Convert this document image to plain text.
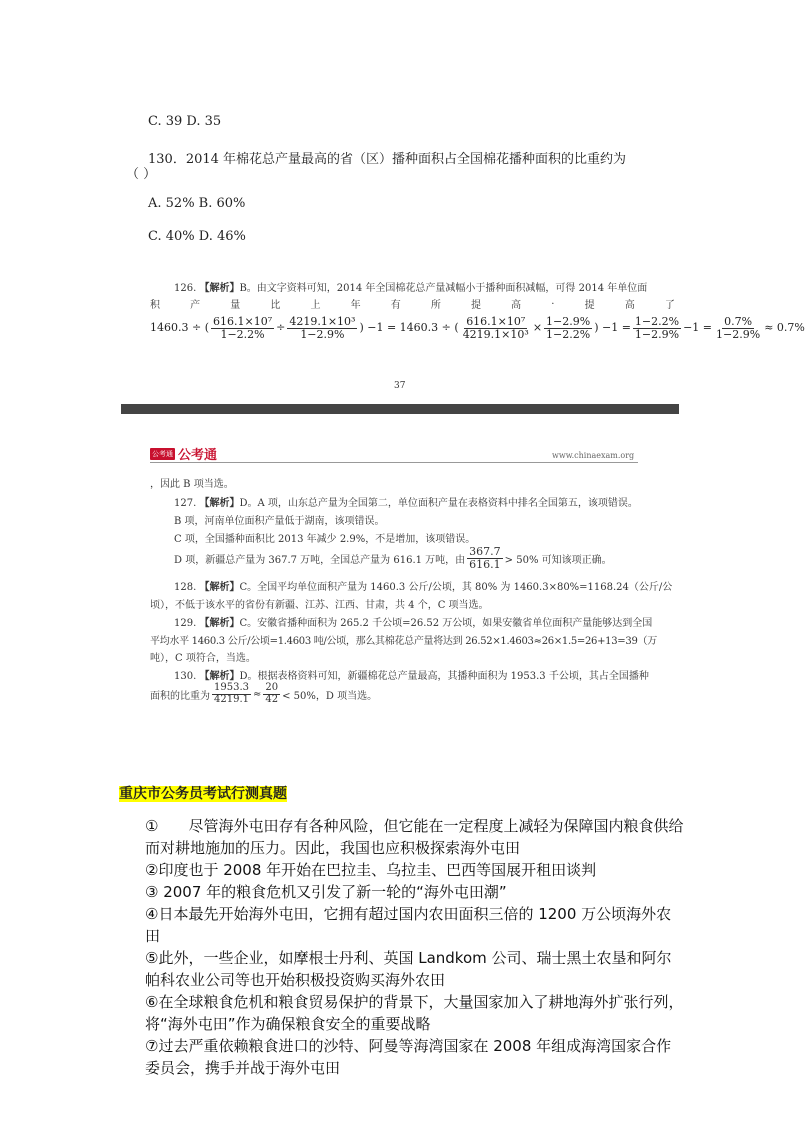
C. 39 D. 35
130．2014 年棉花总产量最高的省（区）播种面积占全国棉花播种面积的比重约为
（ ）
A. 52% B. 60%
C. 40% D. 46%
126. 【解析】B。由文字资料可知，2014 年全国棉花总产量减幅小于播种面积减幅，可得 2014 年单位面
积	产	量	比	上	年	有	所	提	高	.	提	高	了
1460.3 ÷ ( $\frac{\text{616.1×10⁷}}{1-2.2\%} \div \frac{\text{4219.1×10³}}{1-2.9\%}$ ) −1 = 1460.3 ÷ ( $\frac{\text{616.1×10⁷}}{\text{4219.1×10³}} \times \frac{1-2.9\%}{1-2.2\%}$ ) $-1 = \frac{1-2.2\%}{1-2.9\%} -1 = \frac{0.7\%}{1-2.9\%} \approx 0.7\%$
37
公考通 公考通	www.chinaexam.org
，因此 B 项当选。
127. 【解析】D。A 项，山东总产量为全国第二，单位面积产量在表格资料中排名全国第五，该项错误。
B 项，河南单位面积产量低于湖南，该项错误。
C 项，全国播种面积比 2013 年减少 2.9%，不是增加，该项错误。
D 项，新疆总产量为 367.7 万吨，全国总产量为 616.1 万吨，由 $\frac{367.7}{616.1} > 50\%$ 可知该项正确。
128. 【解析】C。全国平均单位面积产量为 1460.3 公斤/公顷，其 80% 为 1460.3×80%=1168.24（公斤/公
顷），不低于该水平的省份有新疆、江苏、江西、甘肃，共 4 个，C 项当选。
129. 【解析】C。安徽省播种面积为 265.2 千公顷=26.52 万公顷，如果安徽省单位面积产量能够达到全国
平均水平 1460.3 公斤/公顷=1.4603 吨/公顷，那么其棉花总产量将达到 26.52×1.4603≈26×1.5=26+13=39（万
吨），C 项符合，当选。
130. 【解析】D。根据表格资料可知，新疆棉花总产量最高，其播种面积为 1953.3 千公顷，其占全国播种
面积的比重为 $\frac{1953.3}{4219.1} \approx \frac{20}{42} < 50\%$，D 项当选。
重庆市公务员考试行测真题
①　　尽管海外屯田存有各种风险，但它能在一定程度上减轻为保障国内粮食供给而对耕地施加的压力。因此，我国也应积极探索海外屯田
②印度也于 2008 年开始在巴拉圭、乌拉圭、巴西等国展开租田谈判
③ 2007 年的粮食危机又引发了新一轮的“海外屯田潮”
④日本最先开始海外屯田，它拥有超过国内农田面积三倍的 1200 万公顷海外农田
⑤此外，一些企业，如摩根士丹利、英国 Landkom 公司、瑞士黑土农垦和阿尔帕科农业公司等也开始积极投资购买海外农田
⑥在全球粮食危机和粮食贸易保护的背景下，大量国家加入了耕地海外扩张行列，将“海外屯田”作为确保粮食安全的重要战略
⑦过去严重依赖粮食进口的沙特、阿曼等海湾国家在 2008 年组成海湾国家合作委员会，携手并战于海外屯田
